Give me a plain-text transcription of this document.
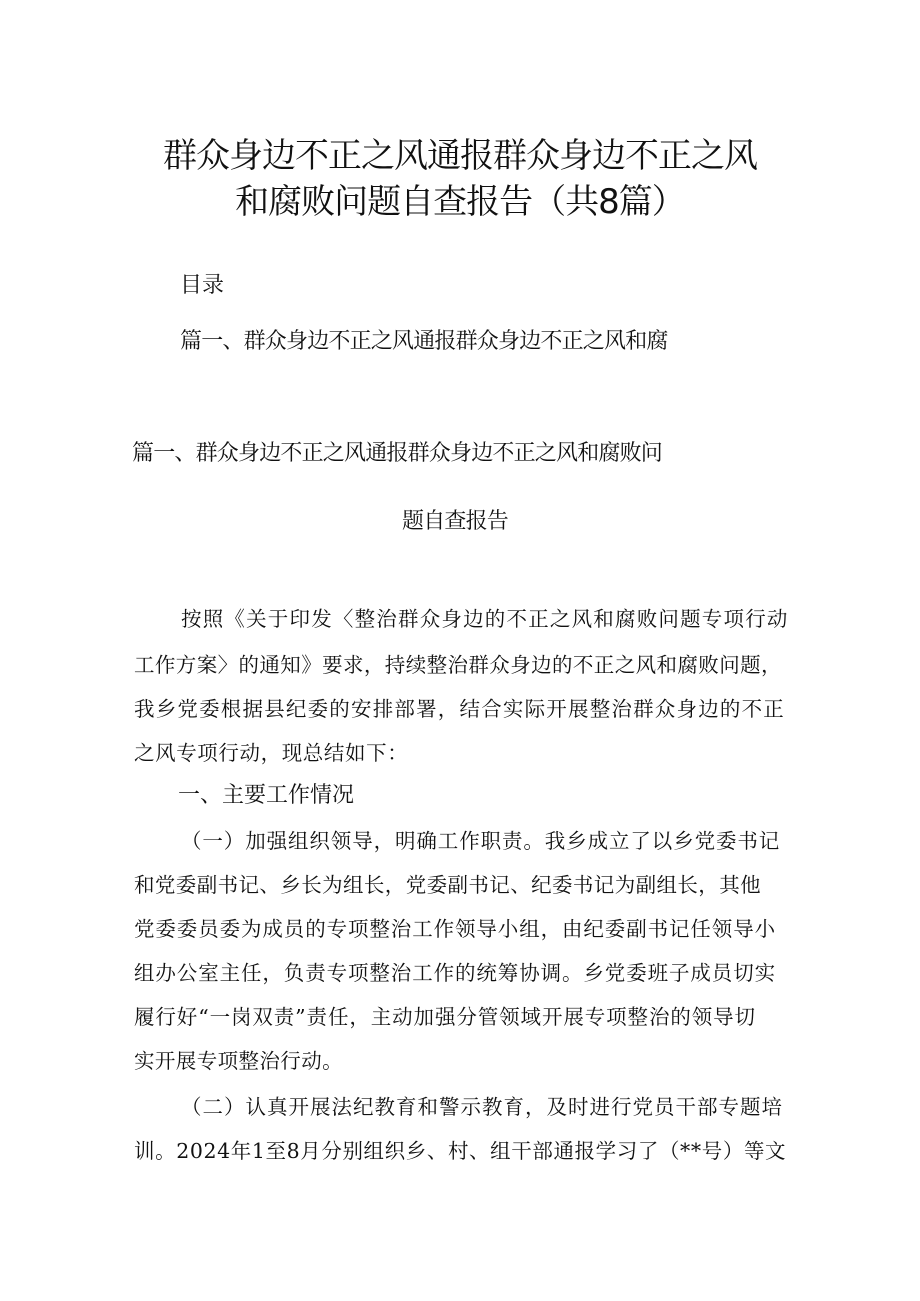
群众身边不正之风通报群众身边不正之风
和腐败问题自查报告（共8篇）
目录
篇一、群众身边不正之风通报群众身边不正之风和腐
篇一、群众身边不正之风通报群众身边不正之风和腐败问
题自查报告
按照《关于印发〈整治群众身边的不正之风和腐败问题专项行动
工作方案〉的通知》要求，持续整治群众身边的不正之风和腐败问题，
我乡党委根据县纪委的安排部署，结合实际开展整治群众身边的不正
之风专项行动，现总结如下：
一、主要工作情况
（一）加强组织领导，明确工作职责。我乡成立了以乡党委书记
和党委副书记、乡长为组长，党委副书记、纪委书记为副组长，其他
党委委员委为成员的专项整治工作领导小组，由纪委副书记任领导小
组办公室主任，负责专项整治工作的统筹协调。乡党委班子成员切实
履行好“一岗双责”责任，主动加强分管领域开展专项整治的领导切
实开展专项整治行动。
（二）认真开展法纪教育和警示教育，及时进行党员干部专题培
训。2024年1至8月分别组织乡、村、组干部通报学习了（**号）等文
